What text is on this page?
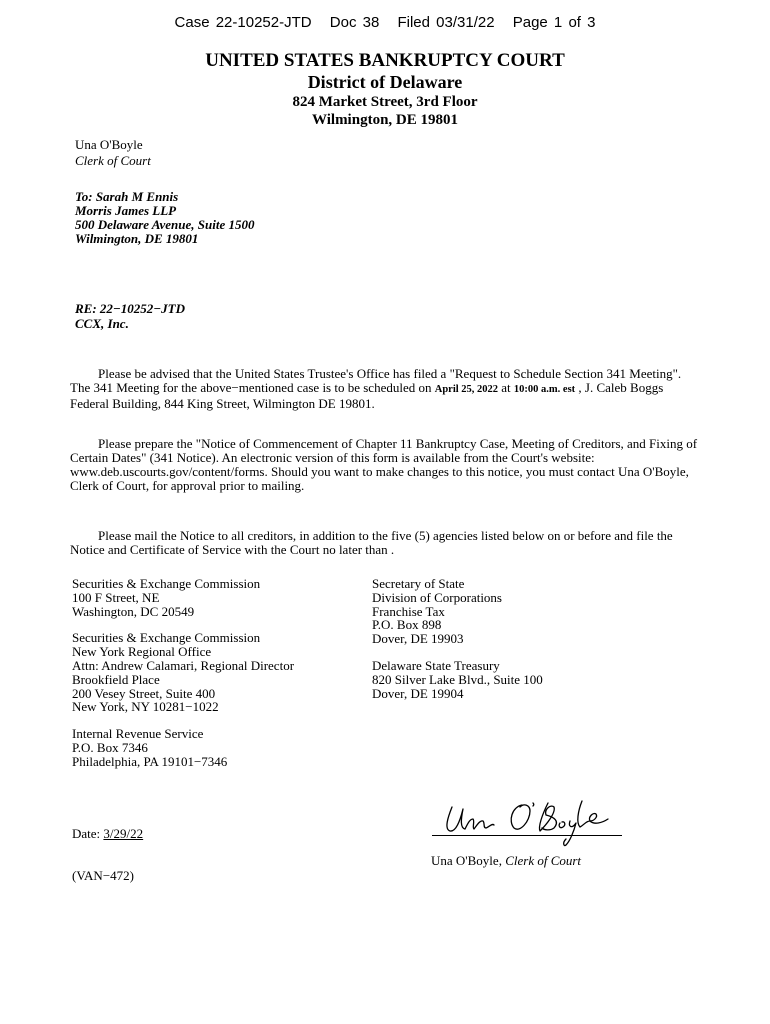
Case 22-10252-JTD Doc 38 Filed 03/31/22 Page 1 of 3
UNITED STATES BANKRUPTCY COURT
District of Delaware
824 Market Street, 3rd Floor
Wilmington, DE 19801
Una O'Boyle
Clerk of Court
To: Sarah M Ennis
Morris James LLP
500 Delaware Avenue, Suite 1500
Wilmington, DE 19801
RE: 22−10252−JTD
CCX, Inc.
Please be advised that the United States Trustee's Office has filed a "Request to Schedule Section 341 Meeting". The 341 Meeting for the above−mentioned case is to be scheduled on April 25, 2022 at 10:00 a.m. est , J. Caleb Boggs Federal Building, 844 King Street, Wilmington DE 19801.
Please prepare the "Notice of Commencement of Chapter 11 Bankruptcy Case, Meeting of Creditors, and Fixing of Certain Dates" (341 Notice). An electronic version of this form is available from the Court's website: www.deb.uscourts.gov/content/forms. Should you want to make changes to this notice, you must contact Una O'Boyle, Clerk of Court, for approval prior to mailing.
Please mail the Notice to all creditors, in addition to the five (5) agencies listed below on or before and file the Notice and Certificate of Service with the Court no later than .
Securities & Exchange Commission
100 F Street, NE
Washington, DC 20549
Securities & Exchange Commission
New York Regional Office
Attn: Andrew Calamari, Regional Director
Brookfield Place
200 Vesey Street, Suite 400
New York, NY 10281−1022
Internal Revenue Service
P.O. Box 7346
Philadelphia, PA 19101−7346
Secretary of State
Division of Corporations
Franchise Tax
P.O. Box 898
Dover, DE 19903
Delaware State Treasury
820 Silver Lake Blvd., Suite 100
Dover, DE 19904
Date: 3/29/22
Una O'Boyle, Clerk of Court
(VAN−472)
